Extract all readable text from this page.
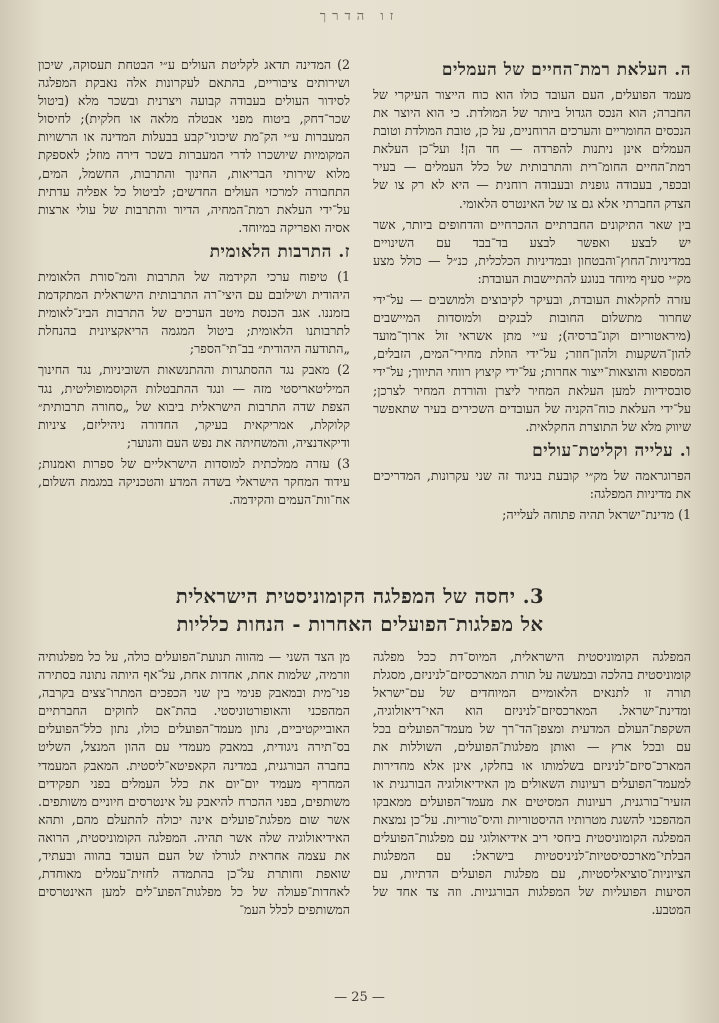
זו הדרך
ה. העלאת רמת־החיים של העמלים

מעמד הפועלים, העם העובד כולו הוא כוח הייצור העיקרי של החברה; הוא הנכס הגדול ביותר של המולדת. כי הוא היוצר את הנכסים החומריים והערכים הרוחניים, על כן, טובת המולדת וטובת העמלים אינן ניתנות להפרדה — חד הן! ועל־כן העלאת רמת־החיים החומ־רית והתרבותית של כלל העמלים — בעיר ובכפר, בעבודה גופנית ובעבודה רוחנית — היא לא רק צו של הצדק החברתי אלא גם צו של האינטרס הלאומי.

בין שאר התיקונים החברתיים ההכרחיים והדחופים ביותר, אשר יש לבצע ואפשר לבצע בד־בבד עם השינויים במדיניות־החוץ־והבטחון ובמדיניות הכלכלית, כנ״ל — כולל מצע מק״י סעיף מיוחד בנוגע להתיישבות העובדת:

עזרה לחקלאות העובדת, ובעיקר לקיבוצים ולמושבים — על־ידי שחרור מתשלום החובות לבנקים ולמוסדות המיישבים (מיראטוריום וקונ־ברסיה); ע״י מתן אשראי זול ארוך־מועד להון־השקעות ולהון־חוזר; על־ידי הוזלת מחירי־המים, הזבלים, המספוא והוצאות־ייצור אחרות; על־ידי קיצוץ רווחי התיווך; על־ידי סובסידיות למען העלאת המחיר ליצרן והורדת המחיר לצרכן; על־ידי העלאת כוח־הקניה של העובדים השכירים בעיר שתאפשר שיווק מלא של התוצרת החקלאית.

ו. עלייה וקליטת־עולים

הפרוגראמה של מק״י קובעת בניגוד זה שני עקרונות, המדריכים את מדיניות המפלגה:

1) מדינת־ישראל תהיה פתוחה לעלייה;

2) המדינה תדאג לקליטת העולים ע״י הבטחת תעסוקה, שיכון ושירותים ציבוריים, בהתאם לעקרונות אלה נאבקת המפלגה לסידור העולים בעבודה קבועה ויצרנית ובשכר מלא (ביטול שכר־דחק, ביטוח מפני אבטלה מלאה או חלקית); לחיסול המעברות ע״י הק־מת שיכוני־קבע בבעלות המדינה או הרשויות המקומיות שיושכרו לדרי המעברות בשכר דירה מוזל; לאספקת מלוא שירותי הבריאות, החינוך והתרבות, החשמל, המים, התחבורה למרכזי העולים החדשים; לביטול כל אפליה עדתית על־ידי העלאת רמת־המחיה, הדיור והתרבות של עולי ארצות אסיה ואפריקה במיוחד.

ז. התרבות הלאומית

1) טיפוח ערכי הקידמה של התרבות והמ־סורת הלאומית היהודית ושילובם עם היצי־רה התרבותית הישראלית המתקדמת בזמננו. אגב הכנסת מיטב הערכים של התרבות הבינ־לאומית לתרבותנו הלאומית; ביטול המגמה הריאקציונית בהנחלת „התודעה היהודית״ בב־תי־הספר;

2) מאבק נגד ההסתגרות וההתנשאות השוביניות, נגד החינוך המיליטאריסטי מזה — ונגד ההתבטלות הקוסמופוליטית, נגד הצפת שדה התרבות הישראלית ביבוא של „סחורה תרבותית״ קלוקלת, אמריקאית בעיקר, החדורה ניהיליזם, ציניות ודיקאדנציה, והמשחיתה את נפש העם והנוער;

3) עזרה ממלכתית למוסדות הישראליים של ספרות ואמנות; עידוד המחקר הישראלי בשדה המדע והטכניקה במגמת השלום, אח־וות־העמים והקידמה.

3. יחסה של המפלגה הקומוניסטית הישראלית
אל מפלגות־הפועלים האחרות - הנחות כלליות

המפלגה הקומוניסטית הישראלית, המיוס־דת ככל מפלגה קומוניסטית בהלכה ובמעשה על תורת המארכסיזם־לניניזם, מסגלת תורה זו לתנאים הלאומיים המיוחדים של עם־ישראל ומדינת־ישראל. המארכסיזם־לניניזם הוא האי־דיאולוגיה, השקפת־העולם המדעית ומצפן־הד־רך של מעמד־הפועלים בכל עם ובכל ארץ — ואותן מפלגות־הפועלים, השוללות את המארכ־סיזם־לניניזם בשלמותו או בחלקו, אינן אלא מחדירות למעמד־הפועלים רעיונות השאולים מן האידיאולוגיה הבורגנית או הזעיר־בורגנית, רעיונות המסיטים את מעמד־הפועלים ממאבקו המהפכני להשגת מטרותיו ההיסטוריות והיס־טוריות. על־כן נמצאת המפלגה הקומוניסטית ביחסי ריב אידיאולוגי עם מפלגות־הפועלים הבלתי־מארכסיסטיות־לניניסטיות בישראל: עם המפלגות הציוניות־סוציאליסטיות, עם מפלגות הפועלים הדתיות, עם הסיעות הפועליות של המפלגות הבורגניות. וזה צד אחד של המטבע.

מן הצד השני — מהווה תנועת־הפועלים כולה, על כל מפלגותיה וזרמיה, שלמות אחת, אחדות אחת, על־אף היותה נתונה בסתירה פני־מית ובמאבק פנימי בין שני הכפכים המתרו־צצים בקרבה, המהפכני והאופורטוניסטי. בהת־אם לחוקים החברתיים האובייקטיביים, נתון מעמד־הפועלים כולו, נתון כלל־הפועלים בס־תירה ניגודית, במאבק מעמדי עם ההון המנצל, השליט בחברה הבורגנית, במדינה הקאפיטא־ליסטית. המאבק המעמדי המחריף מעמיד יום־יום את כלל העמלים בפני תפקידים משותפים, בפני ההכרח להיאבק על אינטרסים חיוניים משותפים. אשר שום מפלגת־פועלים אינה יכולה להתעלם מהם, ותהא האידיאולוגיה שלה אשר תהיה. המפלגה הקומוניסטית, הרואה את עצמה אחראית לגורלו של העם העובד בהווה ובעתיד, שואפת וחותרת על־כן בהתמדה לחזית־עמלים מאוחדת, לאחדות־פעולה של כל מפלגות־הפוע־לים למען האינטרסים המשותפים לכלל העמ־

— 25 —
